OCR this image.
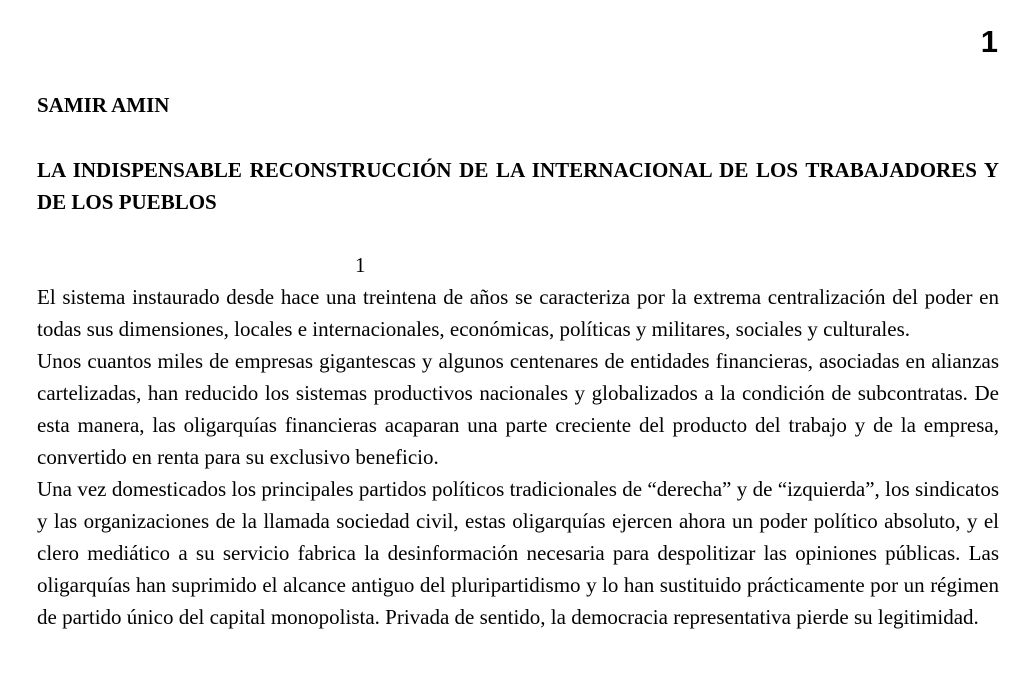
1
SAMIR AMIN
LA INDISPENSABLE RECONSTRUCCIÓN DE LA INTERNACIONAL DE LOS TRABAJADORES Y DE LOS PUEBLOS
1

El sistema instaurado desde hace una treintena de años se caracteriza por la extrema centralización del poder en todas sus dimensiones, locales e internacionales, económicas, políticas y militares, sociales y culturales.

Unos cuantos miles de empresas gigantescas y algunos centenares de entidades financieras, asociadas en alianzas cartelizadas, han reducido los sistemas productivos nacionales y globalizados a la condición de subcontratas. De esta manera, las oligarquías financieras acaparan una parte creciente del producto del trabajo y de la empresa, convertido en renta para su exclusivo beneficio.

Una vez domesticados los principales partidos políticos tradicionales de “derecha” y de “izquierda”, los sindicatos y las organizaciones de la llamada sociedad civil, estas oligarquías ejercen ahora un poder político absoluto, y el clero mediático a su servicio fabrica la desinformación necesaria para despolitizar las opiniones públicas. Las oligarquías han suprimido el alcance antiguo del pluripartidismo y lo han sustituido prácticamente por un régimen de partido único del capital monopolista. Privada de sentido, la democracia representativa pierde su legitimidad.
